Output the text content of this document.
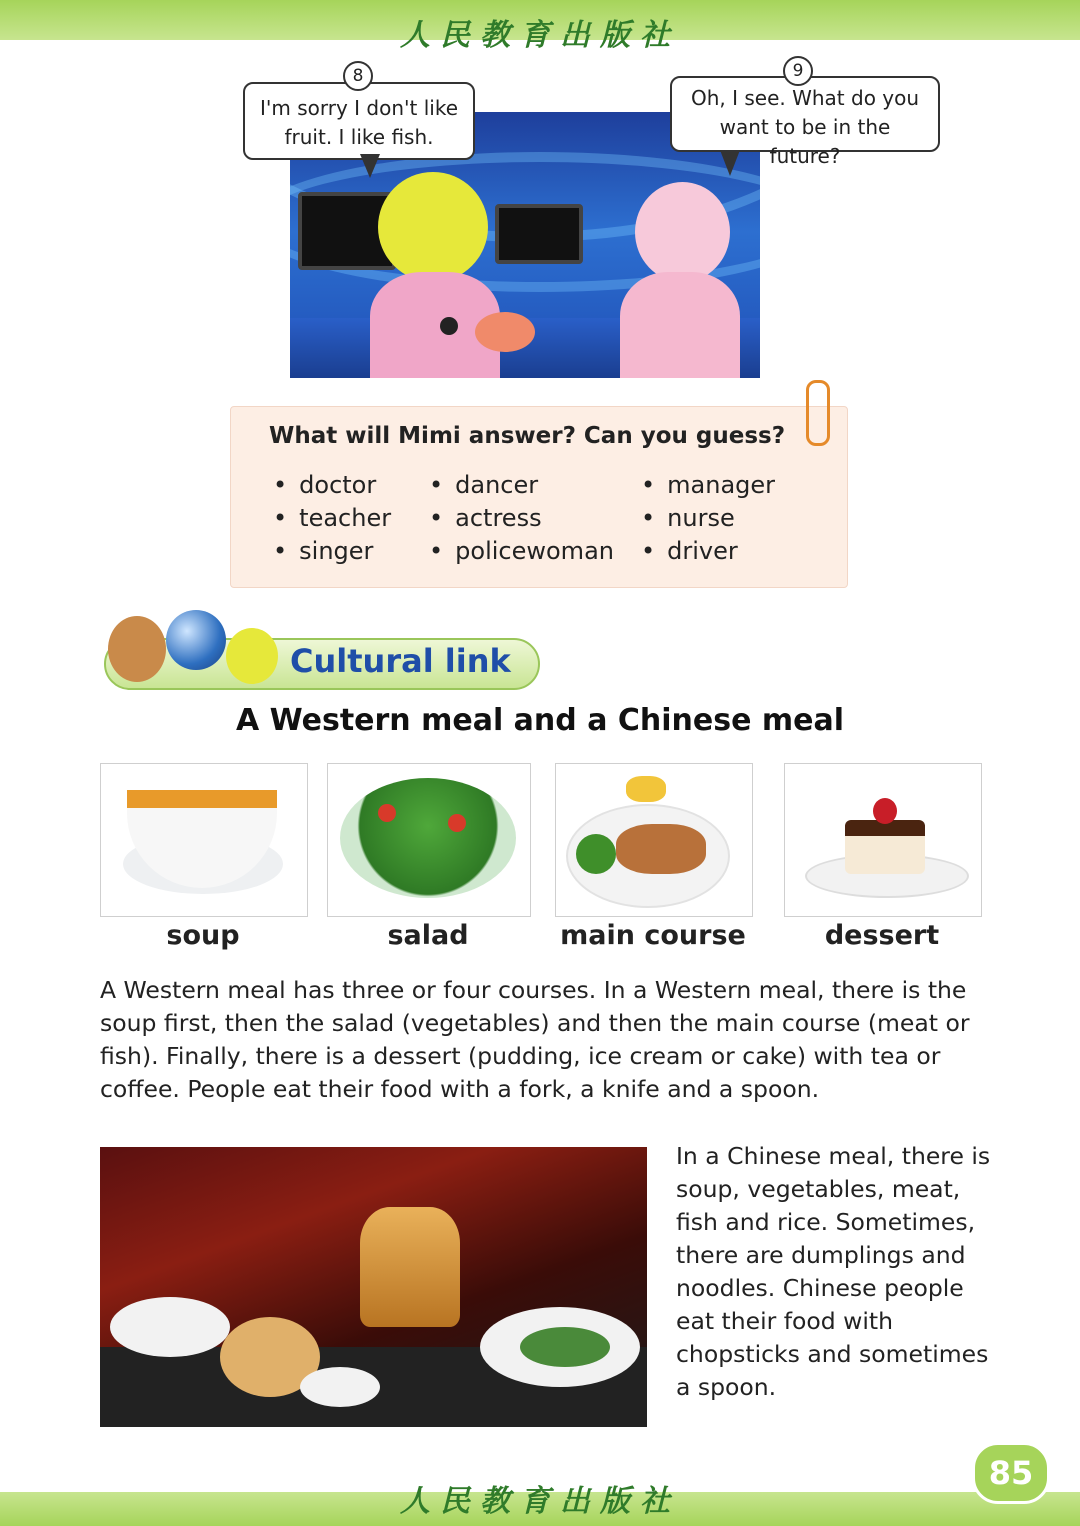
人民教育出版社
I'm sorry I don't like fruit. I like fish.
8
Oh, I see. What do you want to be in the future?
9
What will Mimi answer? Can you guess?
• doctor
• teacher
• singer
• dancer
• actress
• policewoman
• manager
• nurse
• driver
Cultural link
A Western meal and a Chinese meal
soup	salad	main course	dessert
A Western meal has three or four courses. In a Western meal, there is the soup first, then the salad (vegetables) and then the main course (meat or fish). Finally, there is a dessert (pudding, ice cream or cake) with tea or coffee. People eat their food with a fork, a knife and a spoon.
In a Chinese meal, there is soup, vegetables, meat, fish and rice. Sometimes, there are dumplings and noodles. Chinese people eat their food with chopsticks and sometimes a spoon.
人民教育出版社
85
